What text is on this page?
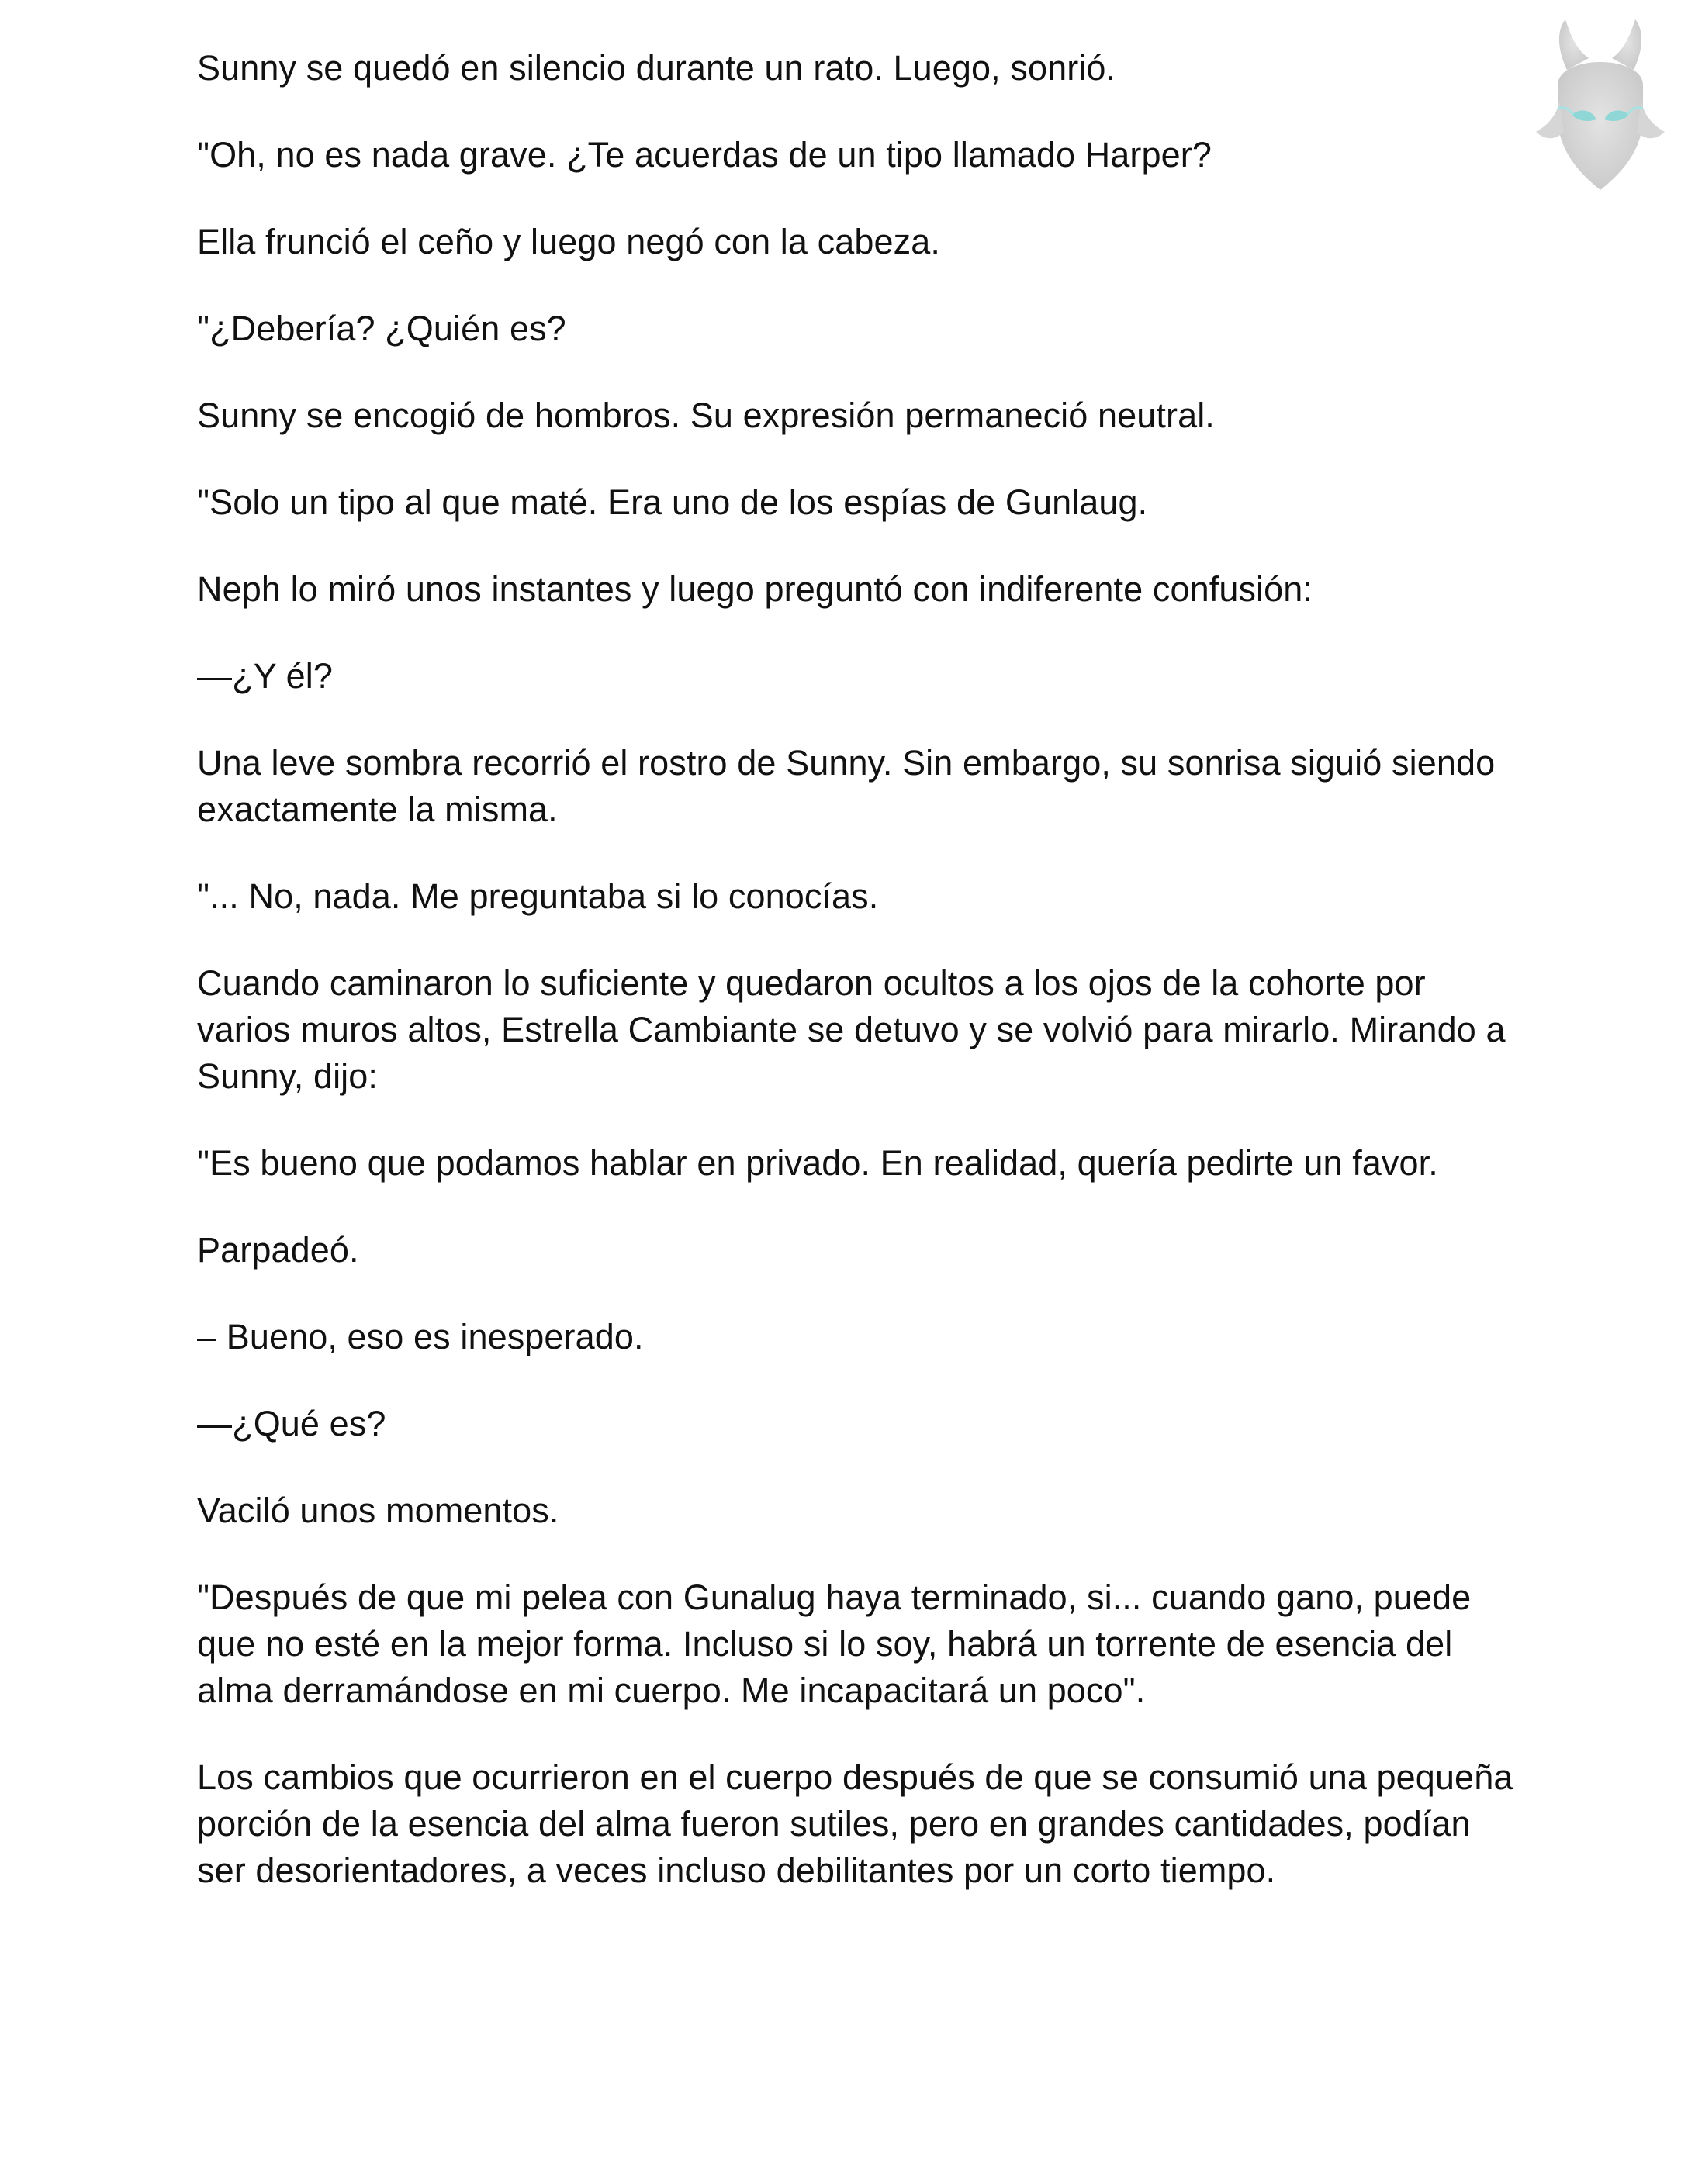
Sunny se quedó en silencio durante un rato. Luego, sonrió.

"Oh, no es nada grave. ¿Te acuerdas de un tipo llamado Harper?

Ella frunció el ceño y luego negó con la cabeza.

"¿Debería? ¿Quién es?

Sunny se encogió de hombros. Su expresión permaneció neutral.

"Solo un tipo al que maté. Era uno de los espías de Gunlaug.

Neph lo miró unos instantes y luego preguntó con indiferente confusión:

—¿Y él?

Una leve sombra recorrió el rostro de Sunny. Sin embargo, su sonrisa siguió siendo exactamente la misma.

"... No, nada. Me preguntaba si lo conocías.

Cuando caminaron lo suficiente y quedaron ocultos a los ojos de la cohorte por varios muros altos, Estrella Cambiante se detuvo y se volvió para mirarlo. Mirando a Sunny, dijo:

"Es bueno que podamos hablar en privado. En realidad, quería pedirte un favor.

Parpadeó.

– Bueno, eso es inesperado.

—¿Qué es?

Vaciló unos momentos.

"Después de que mi pelea con Gunalug haya terminado, si... cuando gano, puede que no esté en la mejor forma. Incluso si lo soy, habrá un torrente de esencia del alma derramándose en mi cuerpo. Me incapacitará un poco".

Los cambios que ocurrieron en el cuerpo después de que se consumió una pequeña porción de la esencia del alma fueron sutiles, pero en grandes cantidades, podían ser desorientadores, a veces incluso debilitantes por un corto tiempo.
